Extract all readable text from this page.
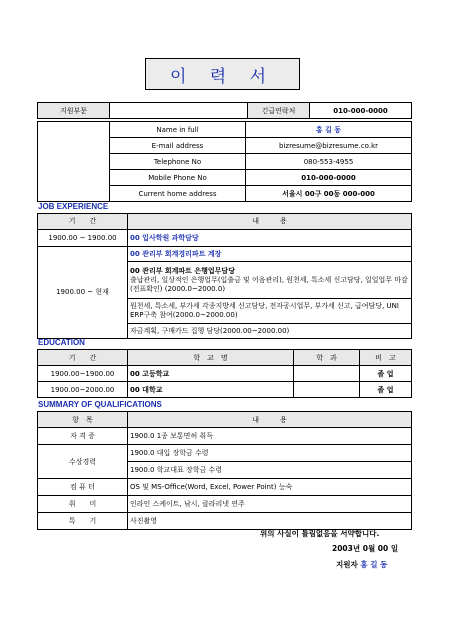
이 력 서
지원부문		긴급연락처	010-000-0000
	Name in full	홍 길 동
	E-mail address	bizresume@bizresume.co.kr
	Telephone No	080-553-4955
	Mobile Phone No	010-000-0000
	Current home address	서울시 00구 00동 000-000
JOB EXPERIENCE
기　　간	내　　　용
1900.00 ~ 1900.00	00 입사학원 과학담당
1900.00 ~ 현재	00 관리부 회계경리파트 계장

	00 관리부 회계파트 은행업무담당
출납관리, 일상적인 은행업무(입출금 및 어음관리), 원천세, 특소세 신고담당, 일일업무 마감(전표확인) (2000.0~2000.0)

	원천세, 특소세, 부가세 각종지방세 신고담당, 전자공시업무, 부가세 신고, 급여담당, UNI ERP구축 참여(2000.0~2000.00)
	자금계획, 구매카드 집행 담당(2000.00~2000.00)
EDUCATION
기　　간	학　교　명	학　과	비　고
1900.00~1900.00	00 고등학교		졸 업
1900.00~2000.00	00 대학교		졸 업
SUMMARY OF QUALIFICATIONS
항　목	내　　　용
자 격 증	1900.0 1종 보통면허 취득
수상경력	1900.0 대입 장학금 수령
	1900.0 학교대표 장학금 수령
컴 퓨 터	OS 및 MS-Office(Word, Excel, Power Point) 능숙
취　　미	인라인 스케이트, 낚시, 클라리넷 연주
특　　기	사진촬영
위의 사실이 틀림없음을 서약합니다.
2003년 0월 00 일
지원자 홍 길 동
